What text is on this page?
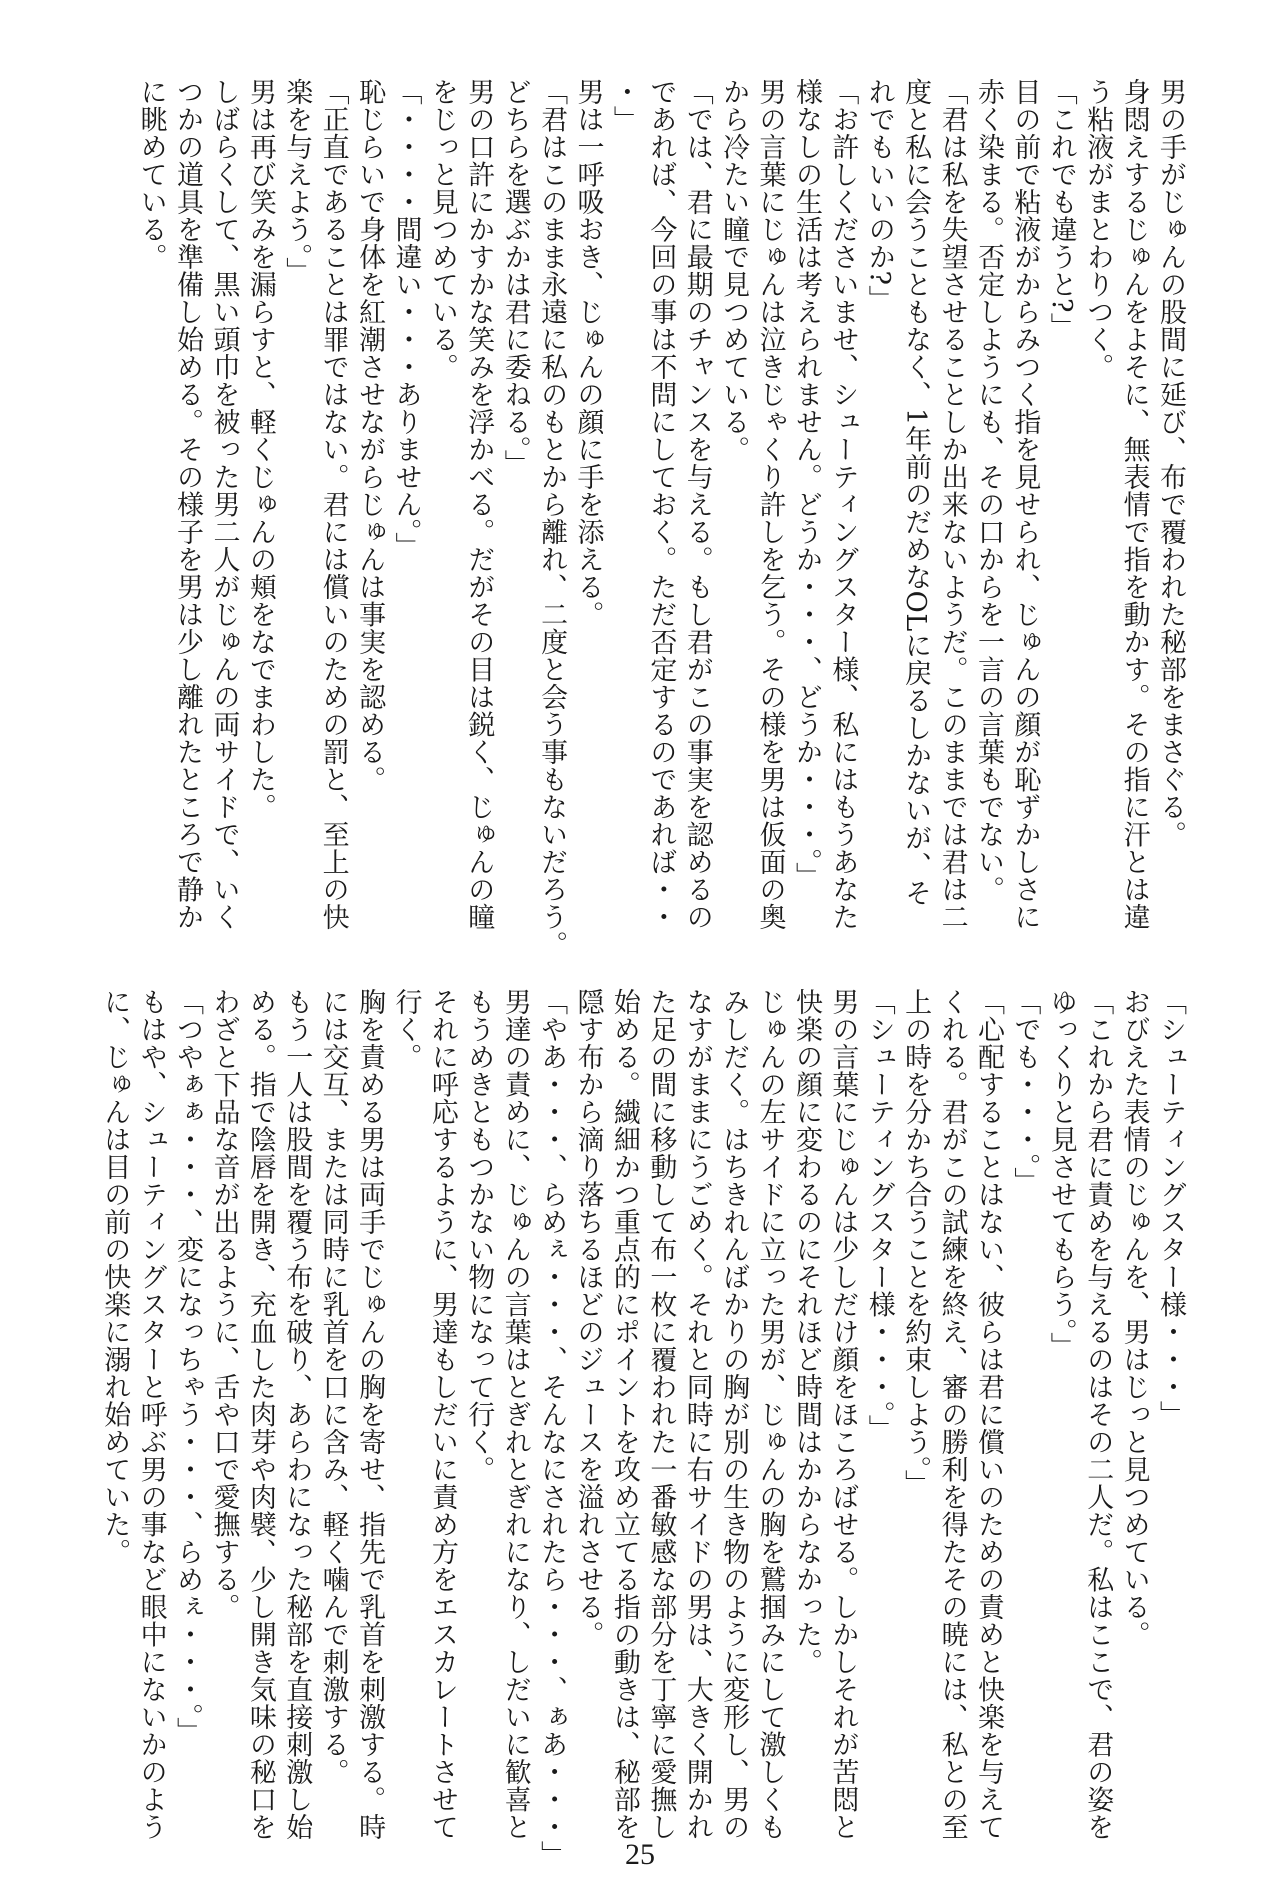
男の手がじゅんの股間に延び、布で覆われた秘部をまさぐる。
身悶えするじゅんをよそに、無表情で指を動かす。その指に汗とは違
う粘液がまとわりつく。
「これでも違うと?」
目の前で粘液がからみつく指を見せられ、じゅんの顔が恥ずかしさに
赤く染まる。否定しようにも、その口からを一言の言葉もでない。
「君は私を失望させることしか出来ないようだ。このままでは君は二
度と私に会うこともなく、1年前のだめなOLに戻るしかないが、そ
れでもいいのか?」
「お許しくださいませ、シューティングスター様、私にはもうあなた
様なしの生活は考えられません。どうか・・・、どうか・・・。」
男の言葉にじゅんは泣きじゃくり許しを乞う。その様を男は仮面の奥
から冷たい瞳で見つめている。
「では、君に最期のチャンスを与える。もし君がこの事実を認めるの
であれば、今回の事は不問にしておく。ただ否定するのであれば・・
・」
男は一呼吸おき、じゅんの顔に手を添える。
「君はこのまま永遠に私のもとから離れ、二度と会う事もないだろう。
どちらを選ぶかは君に委ねる。」
男の口許にかすかな笑みを浮かべる。だがその目は鋭く、じゅんの瞳
をじっと見つめている。
「・・・・間違い・・・ありません。」
恥じらいで身体を紅潮させながらじゅんは事実を認める。
「正直であることは罪ではない。君には償いのための罰と、至上の快
楽を与えよう。」
男は再び笑みを漏らすと、軽くじゅんの頬をなでまわした。
しばらくして、黒い頭巾を被った男二人がじゅんの両サイドで、いく
つかの道具を準備し始める。その様子を男は少し離れたところで静か
に眺めている。
「シューティングスター様・・・」
おびえた表情のじゅんを、男はじっと見つめている。
「これから君に責めを与えるのはその二人だ。私はここで、君の姿を
ゆっくりと見させてもらう。」
「でも・・・。」
「心配することはない、彼らは君に償いのための責めと快楽を与えて
くれる。君がこの試練を終え、審の勝利を得たその暁には、私との至
上の時を分かち合うことを約束しよう。」
「シューティングスター様・・・。」
男の言葉にじゅんは少しだけ顔をほころばせる。しかしそれが苦悶と
快楽の顔に変わるのにそれほど時間はかからなかった。
じゅんの左サイドに立った男が、じゅんの胸を鷲掴みにして激しくも
みしだく。はちきれんばかりの胸が別の生き物のように変形し、男の
なすがままにうごめく。それと同時に右サイドの男は、大きく開かれ
た足の間に移動して布一枚に覆われた一番敏感な部分を丁寧に愛撫し
始める。繊細かつ重点的にポイントを攻め立てる指の動きは、秘部を
隠す布から滴り落ちるほどのジュースを溢れさせる。
「やあ・・・、らめぇ・・・、そんなにされたら・・・、ぁあ・・・」
男達の責めに、じゅんの言葉はとぎれとぎれになり、しだいに歓喜と
もうめきともつかない物になって行く。
それに呼応するように、男達もしだいに責め方をエスカレートさせて
行く。
胸を責める男は両手でじゅんの胸を寄せ、指先で乳首を刺激する。時
には交互、または同時に乳首を口に含み、軽く噛んで刺激する。
もう一人は股間を覆う布を破り、あらわになった秘部を直接刺激し始
める。指で陰唇を開き、充血した肉芽や肉襞、少し開き気味の秘口を
わざと下品な音が出るように、舌や口で愛撫する。
「つやぁぁ・・・、変になっちゃう・・・、らめぇ・・・。」
もはや、シューティングスターと呼ぶ男の事など眼中にないかのよう
に、じゅんは目の前の快楽に溺れ始めていた。
25
